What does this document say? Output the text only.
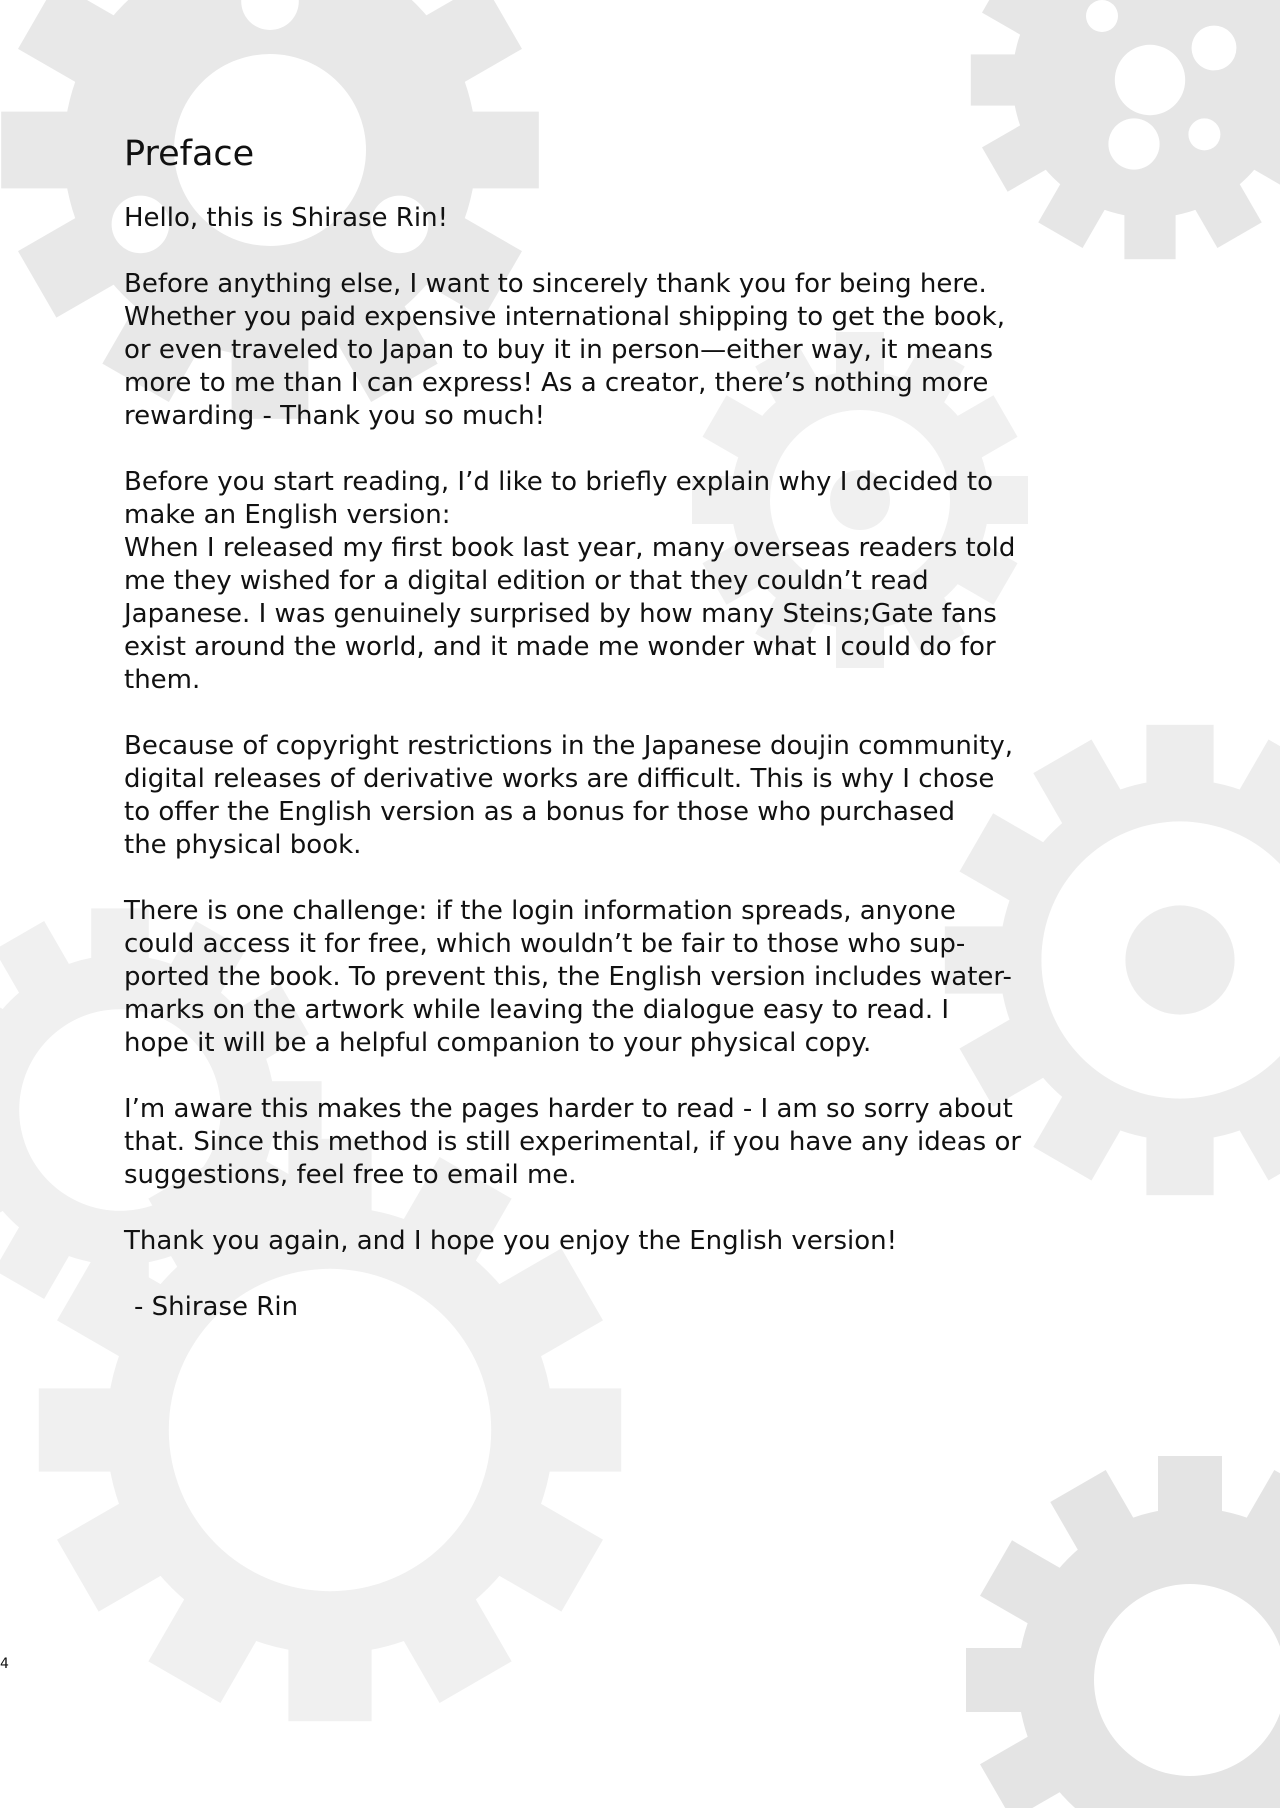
Preface

Hello, this is Shirase Rin!

Before anything else, I want to sincerely thank you for being here.
Whether you paid expensive international shipping to get the book,
or even traveled to Japan to buy it in person—either way, it means
more to me than I can express! As a creator, there’s nothing more
rewarding - Thank you so much!

Before you start reading, I’d like to briefly explain why I decided to
make an English version:
When I released my first book last year, many overseas readers told
me they wished for a digital edition or that they couldn’t read
Japanese. I was genuinely surprised by how many Steins;Gate fans
exist around the world, and it made me wonder what I could do for
them.

Because of copyright restrictions in the Japanese doujin community,
digital releases of derivative works are difficult. This is why I chose
to offer the English version as a bonus for those who purchased
the physical book.

There is one challenge: if the login information spreads, anyone
could access it for free, which wouldn’t be fair to those who sup-
ported the book. To prevent this, the English version includes water-
marks on the artwork while leaving the dialogue easy to read. I
hope it will be a helpful companion to your physical copy.

I’m aware this makes the pages harder to read - I am so sorry about
that. Since this method is still experimental, if you have any ideas or
suggestions, feel free to email me.

Thank you again, and I hope you enjoy the English version!

- Shirase Rin

4
